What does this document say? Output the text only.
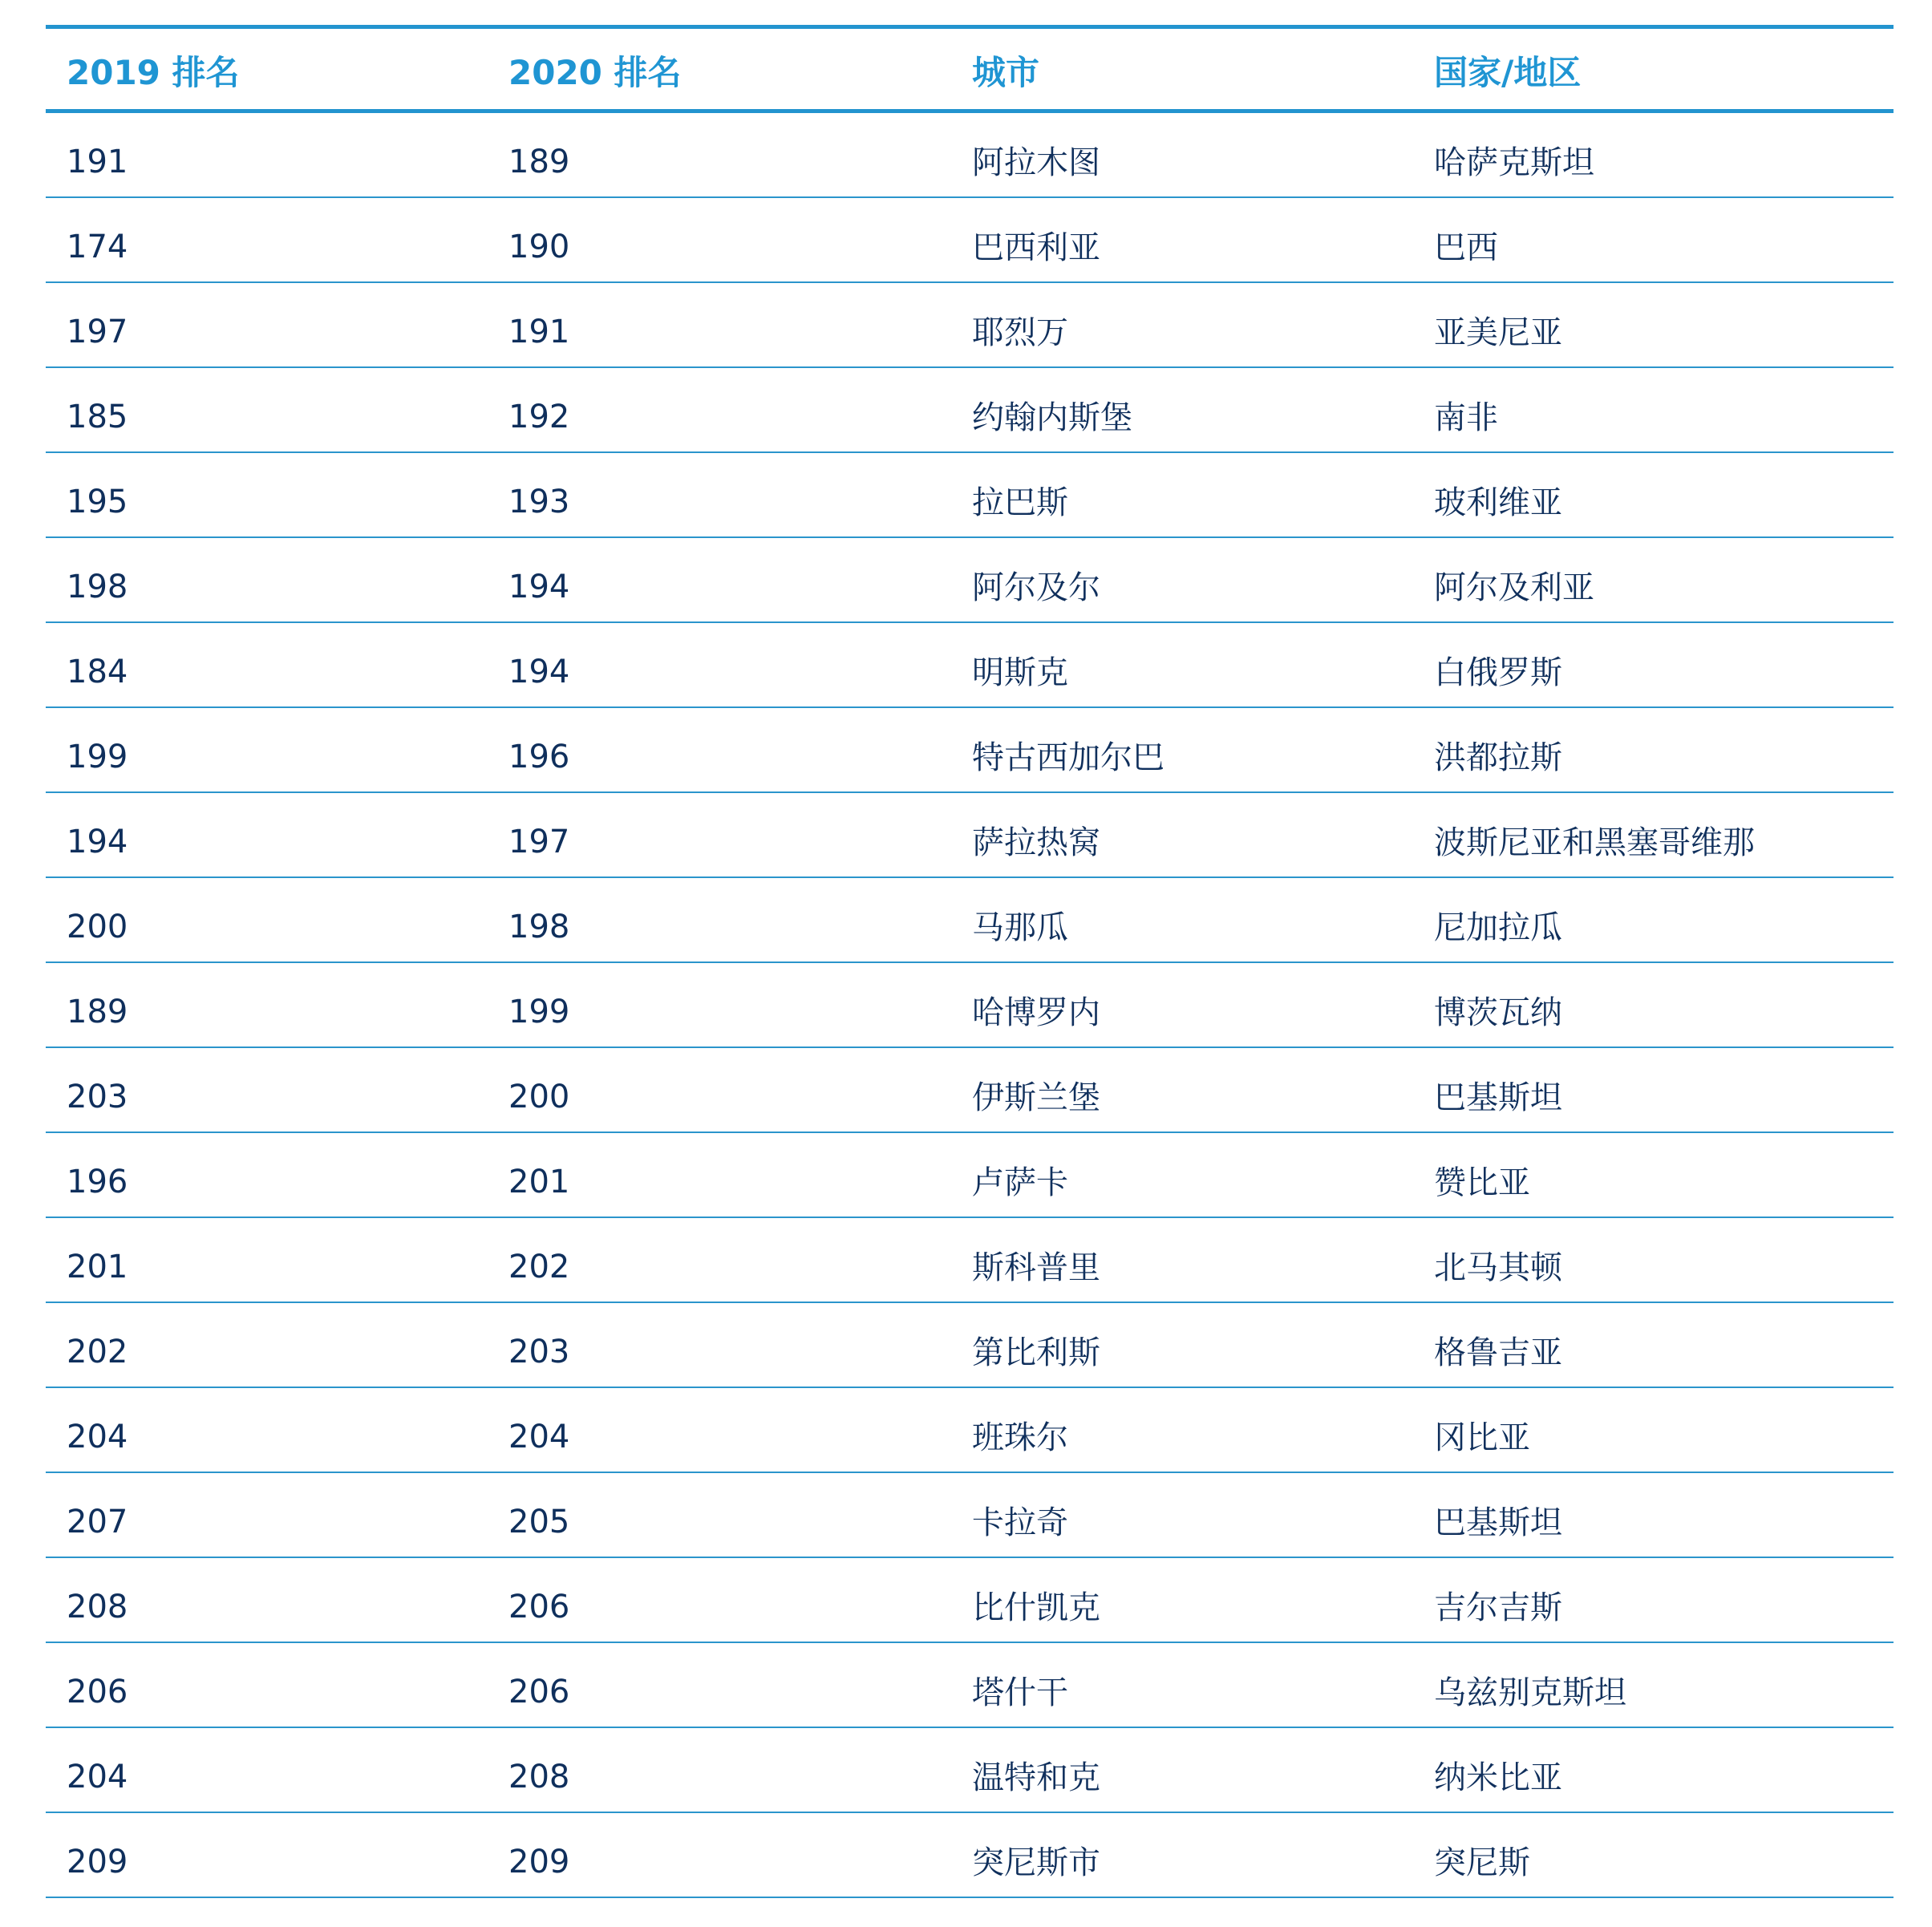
2019 排名	2020 排名	城市	国家/地区
191	189	阿拉木图	哈萨克斯坦
174	190	巴西利亚	巴西
197	191	耶烈万	亚美尼亚
185	192	约翰内斯堡	南非
195	193	拉巴斯	玻利维亚
198	194	阿尔及尔	阿尔及利亚
184	194	明斯克	白俄罗斯
199	196	特古西加尔巴	洪都拉斯
194	197	萨拉热窝	波斯尼亚和黑塞哥维那
200	198	马那瓜	尼加拉瓜
189	199	哈博罗内	博茨瓦纳
203	200	伊斯兰堡	巴基斯坦
196	201	卢萨卡	赞比亚
201	202	斯科普里	北马其顿
202	203	第比利斯	格鲁吉亚
204	204	班珠尔	冈比亚
207	205	卡拉奇	巴基斯坦
208	206	比什凯克	吉尔吉斯
206	206	塔什干	乌兹别克斯坦
204	208	温特和克	纳米比亚
209	209	突尼斯市	突尼斯
